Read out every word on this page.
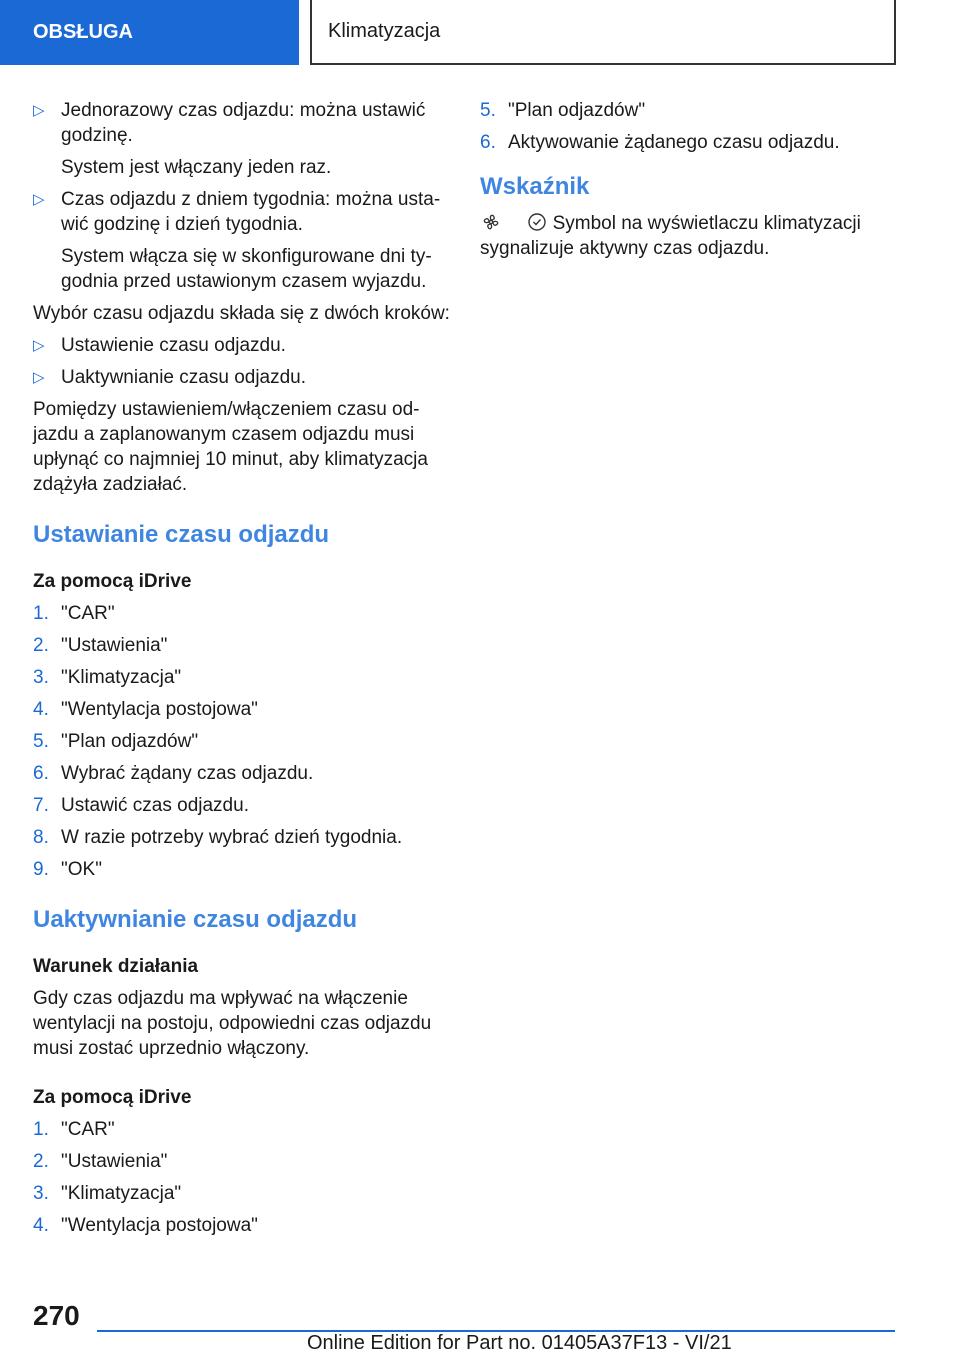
OBSŁUGA	Klimatyzacja
▷ Jednorazowy czas odjazdu: można ustawić godzinę.
System jest włączany jeden raz.
▷ Czas odjazdu z dniem tygodnia: można usta-wić godzinę i dzień tygodnia.
System włącza się w skonfigurowane dni ty-godnia przed ustawionym czasem wyjazdu.
Wybór czasu odjazdu składa się z dwóch kroków:
▷ Ustawienie czasu odjazdu.
▷ Uaktywnianie czasu odjazdu.
Pomiędzy ustawieniem/włączeniem czasu od-jazdu a zaplanowanym czasem odjazdu musi upłynąć co najmniej 10 minut, aby klimatyzacja zdążyła zadziałać.
Ustawianie czasu odjazdu
Za pomocą iDrive
1. "CAR"
2. "Ustawienia"
3. "Klimatyzacja"
4. "Wentylacja postojowa"
5. "Plan odjazdów"
6. Wybrać żądany czas odjazdu.
7. Ustawić czas odjazdu.
8. W razie potrzeby wybrać dzień tygodnia.
9. "OK"
Uaktywnianie czasu odjazdu
Warunek działania
Gdy czas odjazdu ma wpływać na włączenie wentylacji na postoju, odpowiedni czas odjazdu musi zostać uprzednio włączony.
Za pomocą iDrive
1. "CAR"
2. "Ustawienia"
3. "Klimatyzacja"
4. "Wentylacja postojowa"
5. "Plan odjazdów"
6. Aktywowanie żądanego czasu odjazdu.
Wskaźnik
Symbol na wyświetlaczu klimatyzacji sygnalizuje aktywny czas odjazdu.
270
Online Edition for Part no. 01405A37F13 - VI/21
